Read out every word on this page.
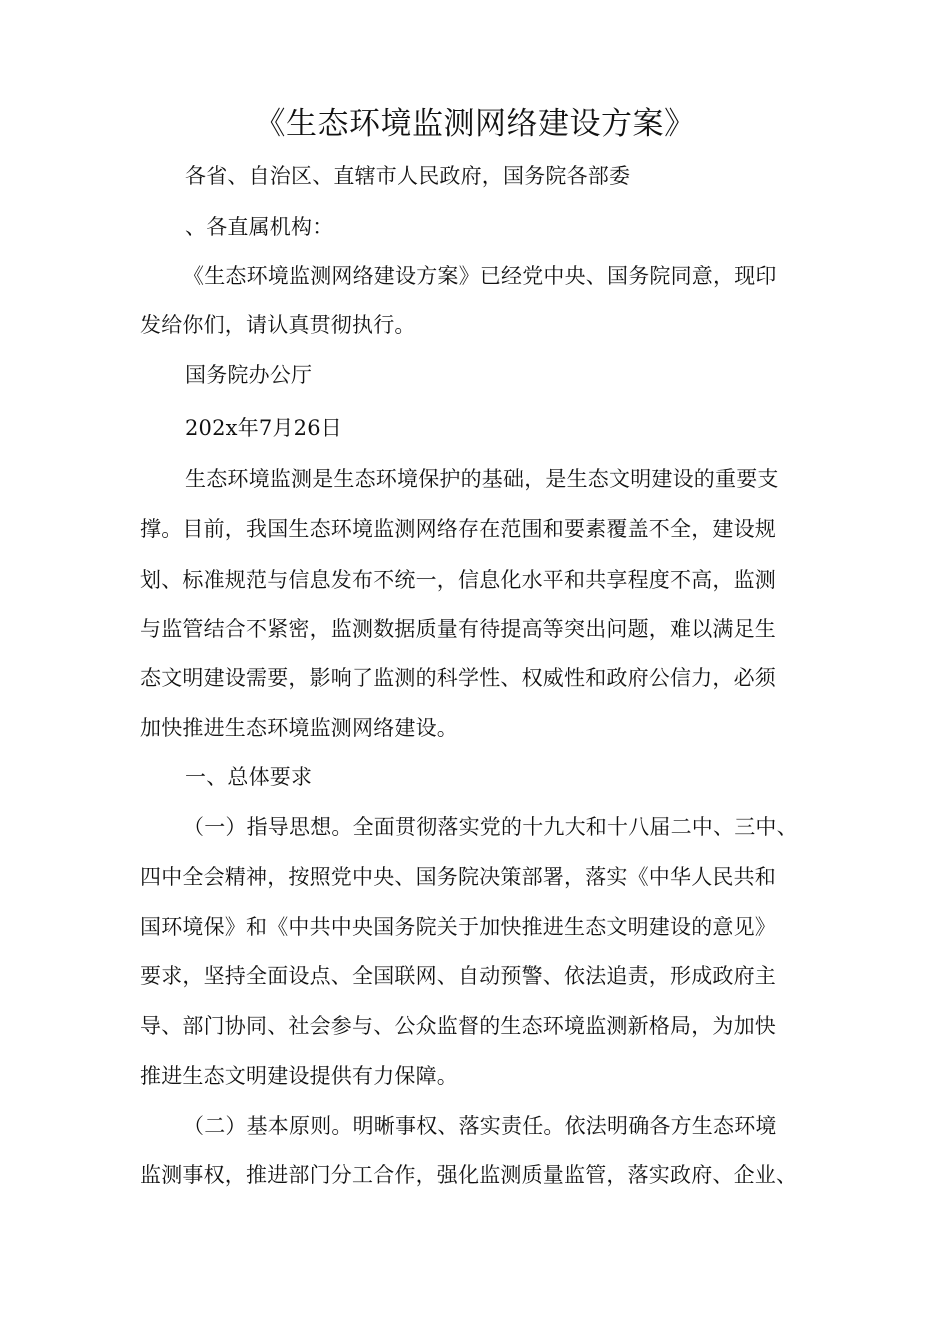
《生态环境监测网络建设方案》
各省、自治区、直辖市人民政府，国务院各部委
、各直属机构：
《生态环境监测网络建设方案》已经党中央、国务院同意，现印
发给你们，请认真贯彻执行。
国务院办公厅
202x年7月26日
生态环境监测是生态环境保护的基础，是生态文明建设的重要支
撑。目前，我国生态环境监测网络存在范围和要素覆盖不全，建设规
划、标准规范与信息发布不统一，信息化水平和共享程度不高，监测
与监管结合不紧密，监测数据质量有待提高等突出问题，难以满足生
态文明建设需要，影响了监测的科学性、权威性和政府公信力，必须
加快推进生态环境监测网络建设。
一、总体要求
（一）指导思想。全面贯彻落实党的十九大和十八届二中、三中、
四中全会精神，按照党中央、国务院决策部署，落实《中华人民共和
国环境保》和《中共中央国务院关于加快推进生态文明建设的意见》
要求，坚持全面设点、全国联网、自动预警、依法追责，形成政府主
导、部门协同、社会参与、公众监督的生态环境监测新格局，为加快
推进生态文明建设提供有力保障。
（二）基本原则。明晰事权、落实责任。依法明确各方生态环境
监测事权，推进部门分工合作，强化监测质量监管，落实政府、企业、
